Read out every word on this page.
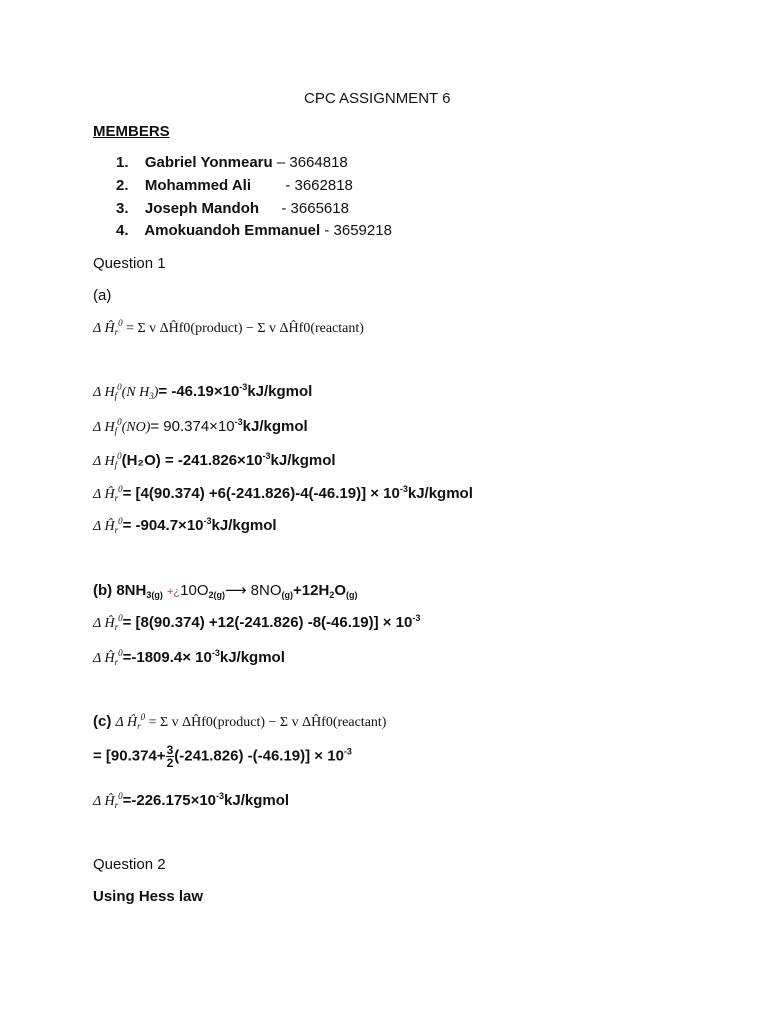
CPC ASSIGNMENT 6
MEMBERS
1. Gabriel Yonmearu – 3664818
2. Mohammed Ali - 3662818
3. Joseph Mandoh - 3665618
4. Amokuandoh Emmanuel - 3659218
Question 1
(a)
Δ $Ĥ_r^0 = \Sigma$ v ΔĤf0(product) − Σ v ΔĤf0(reactant)
Δ $H_f^0(N$ $H_3)=$ $-46.19\times 10^{-3}kJ$/kgmol
Δ $H_f^0(NO)=$ $90.374\times 10^{-3}kJ$/kgmol
Δ $H_f^0(H_2O)$ = $-241.826\times 10^{-3}kJ$/kgmol
Δ $Ĥ_r^0= [4(90.374) +6(-241.826)-4(-46.19)]$ × $10^{-3}kJ$/kgmol
Δ $Ĥ_r^0=$ $-904.7\times 10^{-3}kJ$/kgmol
(b) $8NH_{3(g)}$ $+¿10O_{2(g)}⟶$ $8NO_{(g)}+12H_2O_{(g)}$
Δ $Ĥ_r^0= [8(90.374) +12(-241.826) -8(-46.19)] \times 10^{-3}$
Δ $Ĥ_r^0=-1809.4\times$ $10^{-3}kJ$/kgmol
(c) Δ $Ĥ_r^0 = \Sigma$ v ΔĤf0(product) − Σ v ΔĤf0(reactant)
= $[90.374+ \frac{3}{2} (-241.826) -(-46.19)] \times 10^{-3}$
Δ $Ĥ_r^0=-226.175\times 10^{-3}kJ$/kgmol
Question 2
Using Hess law
